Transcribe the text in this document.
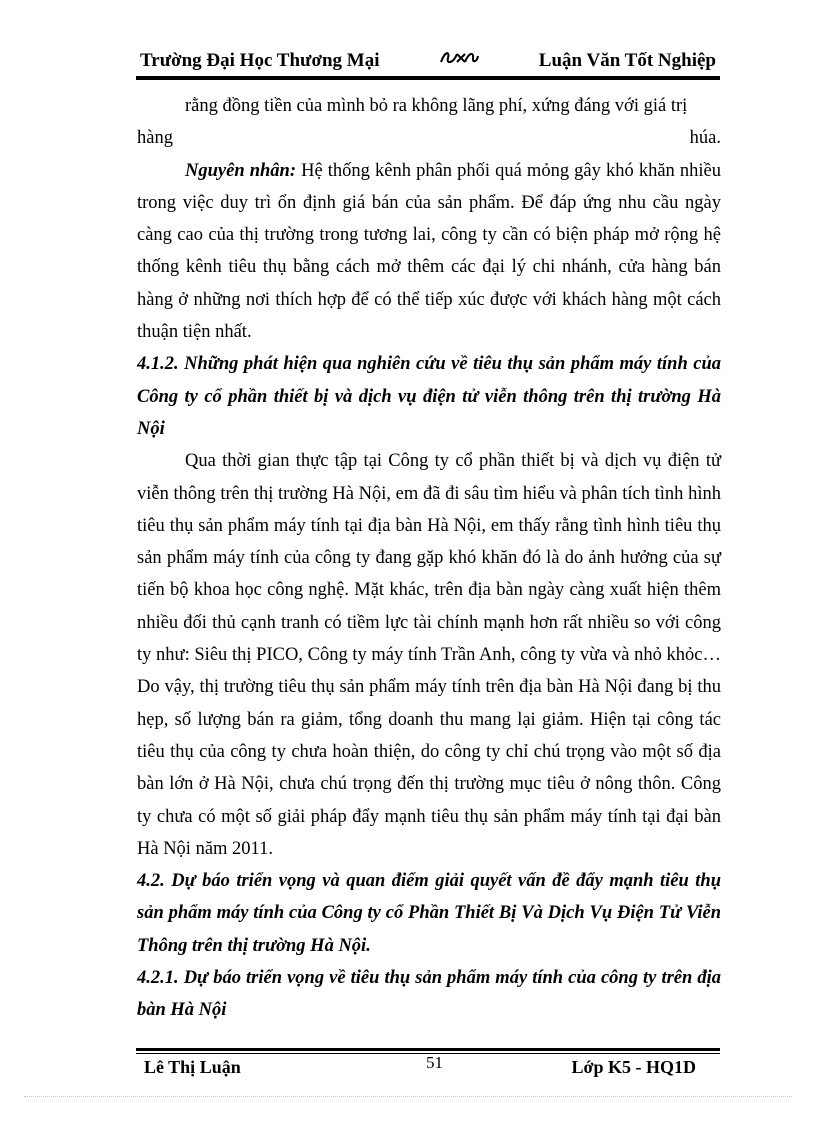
Trường Đại Học Thương Mại	Luận Văn Tốt Nghiệp

rằng đồng tiền của mình bỏ ra không lãng phí, xứng đáng với giá trị

hàng	húa.

Nguyên nhân: Hệ thống kênh phân phối quá mỏng gây khó khăn nhiều trong việc duy trì ổn định giá bán của sản phẩm. Để đáp ứng nhu cầu ngày càng cao của thị trường trong tương lai, công ty cần có biện pháp mở rộng hệ thống kênh tiêu thụ bằng cách mở thêm các đại lý chi nhánh, cửa hàng bán hàng ở những nơi thích hợp để có thể tiếp xúc được với khách hàng một cách thuận tiện nhất.

4.1.2. Những phát hiện qua nghiên cứu về tiêu thụ sản phẩm máy tính của Công ty cổ phần thiết bị và dịch vụ điện tử viễn thông trên thị trường Hà Nội

Qua thời gian thực tập tại Công ty cổ phần thiết bị và dịch vụ điện tử viễn thông trên thị trường Hà Nội, em đã đi sâu tìm hiểu và phân tích tình hình tiêu thụ sản phẩm máy tính tại địa bàn Hà Nội, em thấy rằng tình hình tiêu thụ sản phẩm máy tính của công ty đang gặp khó khăn đó là do ảnh hưởng của sự tiến bộ khoa học công nghệ. Mặt khác, trên địa bàn ngày càng xuất hiện thêm nhiều đối thủ cạnh tranh có tiềm lực tài chính mạnh hơn rất nhiều so với công ty như: Siêu thị PICO, Công ty máy tính Trần Anh, công ty vừa và nhỏ khỏc…Do vậy, thị trường tiêu thụ sản phẩm máy tính trên địa bàn Hà Nội đang bị thu hẹp, số lượng bán ra giảm, tổng doanh thu mang lại giảm. Hiện tại công tác tiêu thụ của công ty chưa hoàn thiện, do công ty chỉ chú trọng vào một số địa bàn lớn ở Hà Nội, chưa chú trọng đến thị trường mục tiêu ở nông thôn. Công ty chưa có một số giải pháp đẩy mạnh tiêu thụ sản phẩm máy tính tại đại bàn Hà Nội năm 2011.

4.2. Dự báo triển vọng và quan điểm giải quyết vấn đề đẩy mạnh tiêu thụ sản phẩm máy tính của Công ty cổ Phần Thiết Bị Và Dịch Vụ Điện Tử Viễn Thông trên thị trường Hà Nội.

4.2.1. Dự báo triển vọng về tiêu thụ sản phẩm máy tính của công ty trên địa bàn Hà Nội

Lê Thị Luận	51	Lớp K5 - HQ1D
